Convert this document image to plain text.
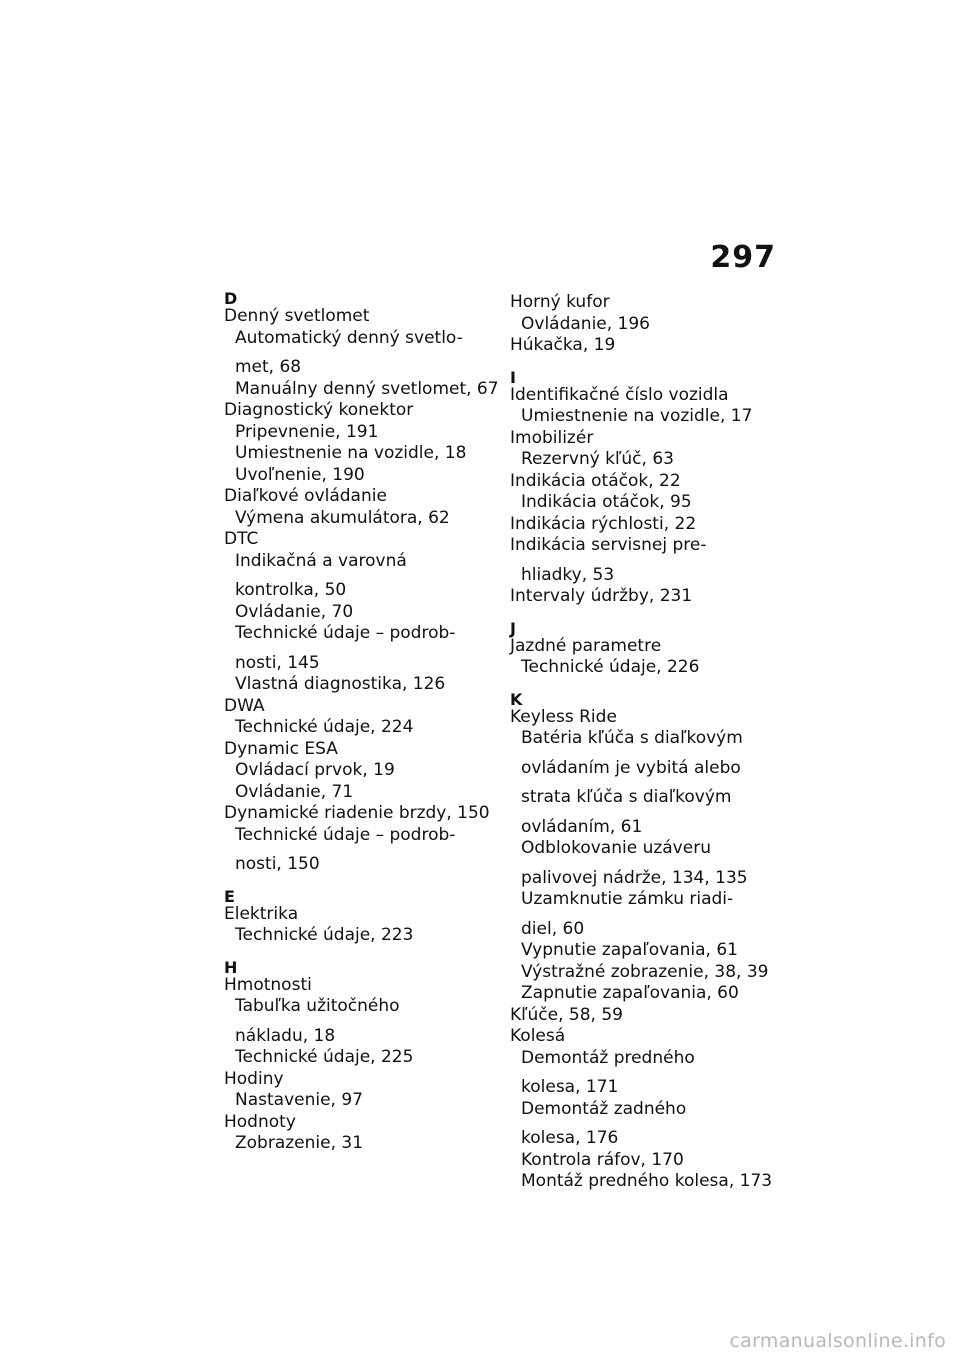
297
D
Denný svetlomet
Automatický denný svetlo-
met, 68
Manuálny denný svetlomet, 67
Diagnostický konektor
Pripevnenie, 191
Umiestnenie na vozidle, 18
Uvoľnenie, 190
Diaľkové ovládanie
Výmena akumulátora, 62
DTC
Indikačná a varovná
kontrolka, 50
Ovládanie, 70
Technické údaje – podrob-
nosti, 145
Vlastná diagnostika, 126
DWA
Technické údaje, 224
Dynamic ESA
Ovládací prvok, 19
Ovládanie, 71
Dynamické riadenie brzdy, 150
Technické údaje – podrob-
nosti, 150
E
Elektrika
Technické údaje, 223
H
Hmotnosti
Tabuľka užitočného
nákladu, 18
Technické údaje, 225
Hodiny
Nastavenie, 97
Hodnoty
Zobrazenie, 31
Horný kufor
Ovládanie, 196
Húkačka, 19
I
Identifikačné číslo vozidla
Umiestnenie na vozidle, 17
Imobilizér
Rezervný kľúč, 63
Indikácia otáčok, 22
Indikácia otáčok, 95
Indikácia rýchlosti, 22
Indikácia servisnej pre-
hliadky, 53
Intervaly údržby, 231
J
Jazdné parametre
Technické údaje, 226
K
Keyless Ride
Batéria kľúča s diaľkovým
ovládaním je vybitá alebo
strata kľúča s diaľkovým
ovládaním, 61
Odblokovanie uzáveru
palivovej nádrže, 134, 135
Uzamknutie zámku riadi-
diel, 60
Vypnutie zapaľovania, 61
Výstražné zobrazenie, 38, 39
Zapnutie zapaľovania, 60
Kľúče, 58, 59
Kolesá
Demontáž predného
kolesa, 171
Demontáž zadného
kolesa, 176
Kontrola ráfov, 170
Montáž predného kolesa, 173
carmanualsonline.info
